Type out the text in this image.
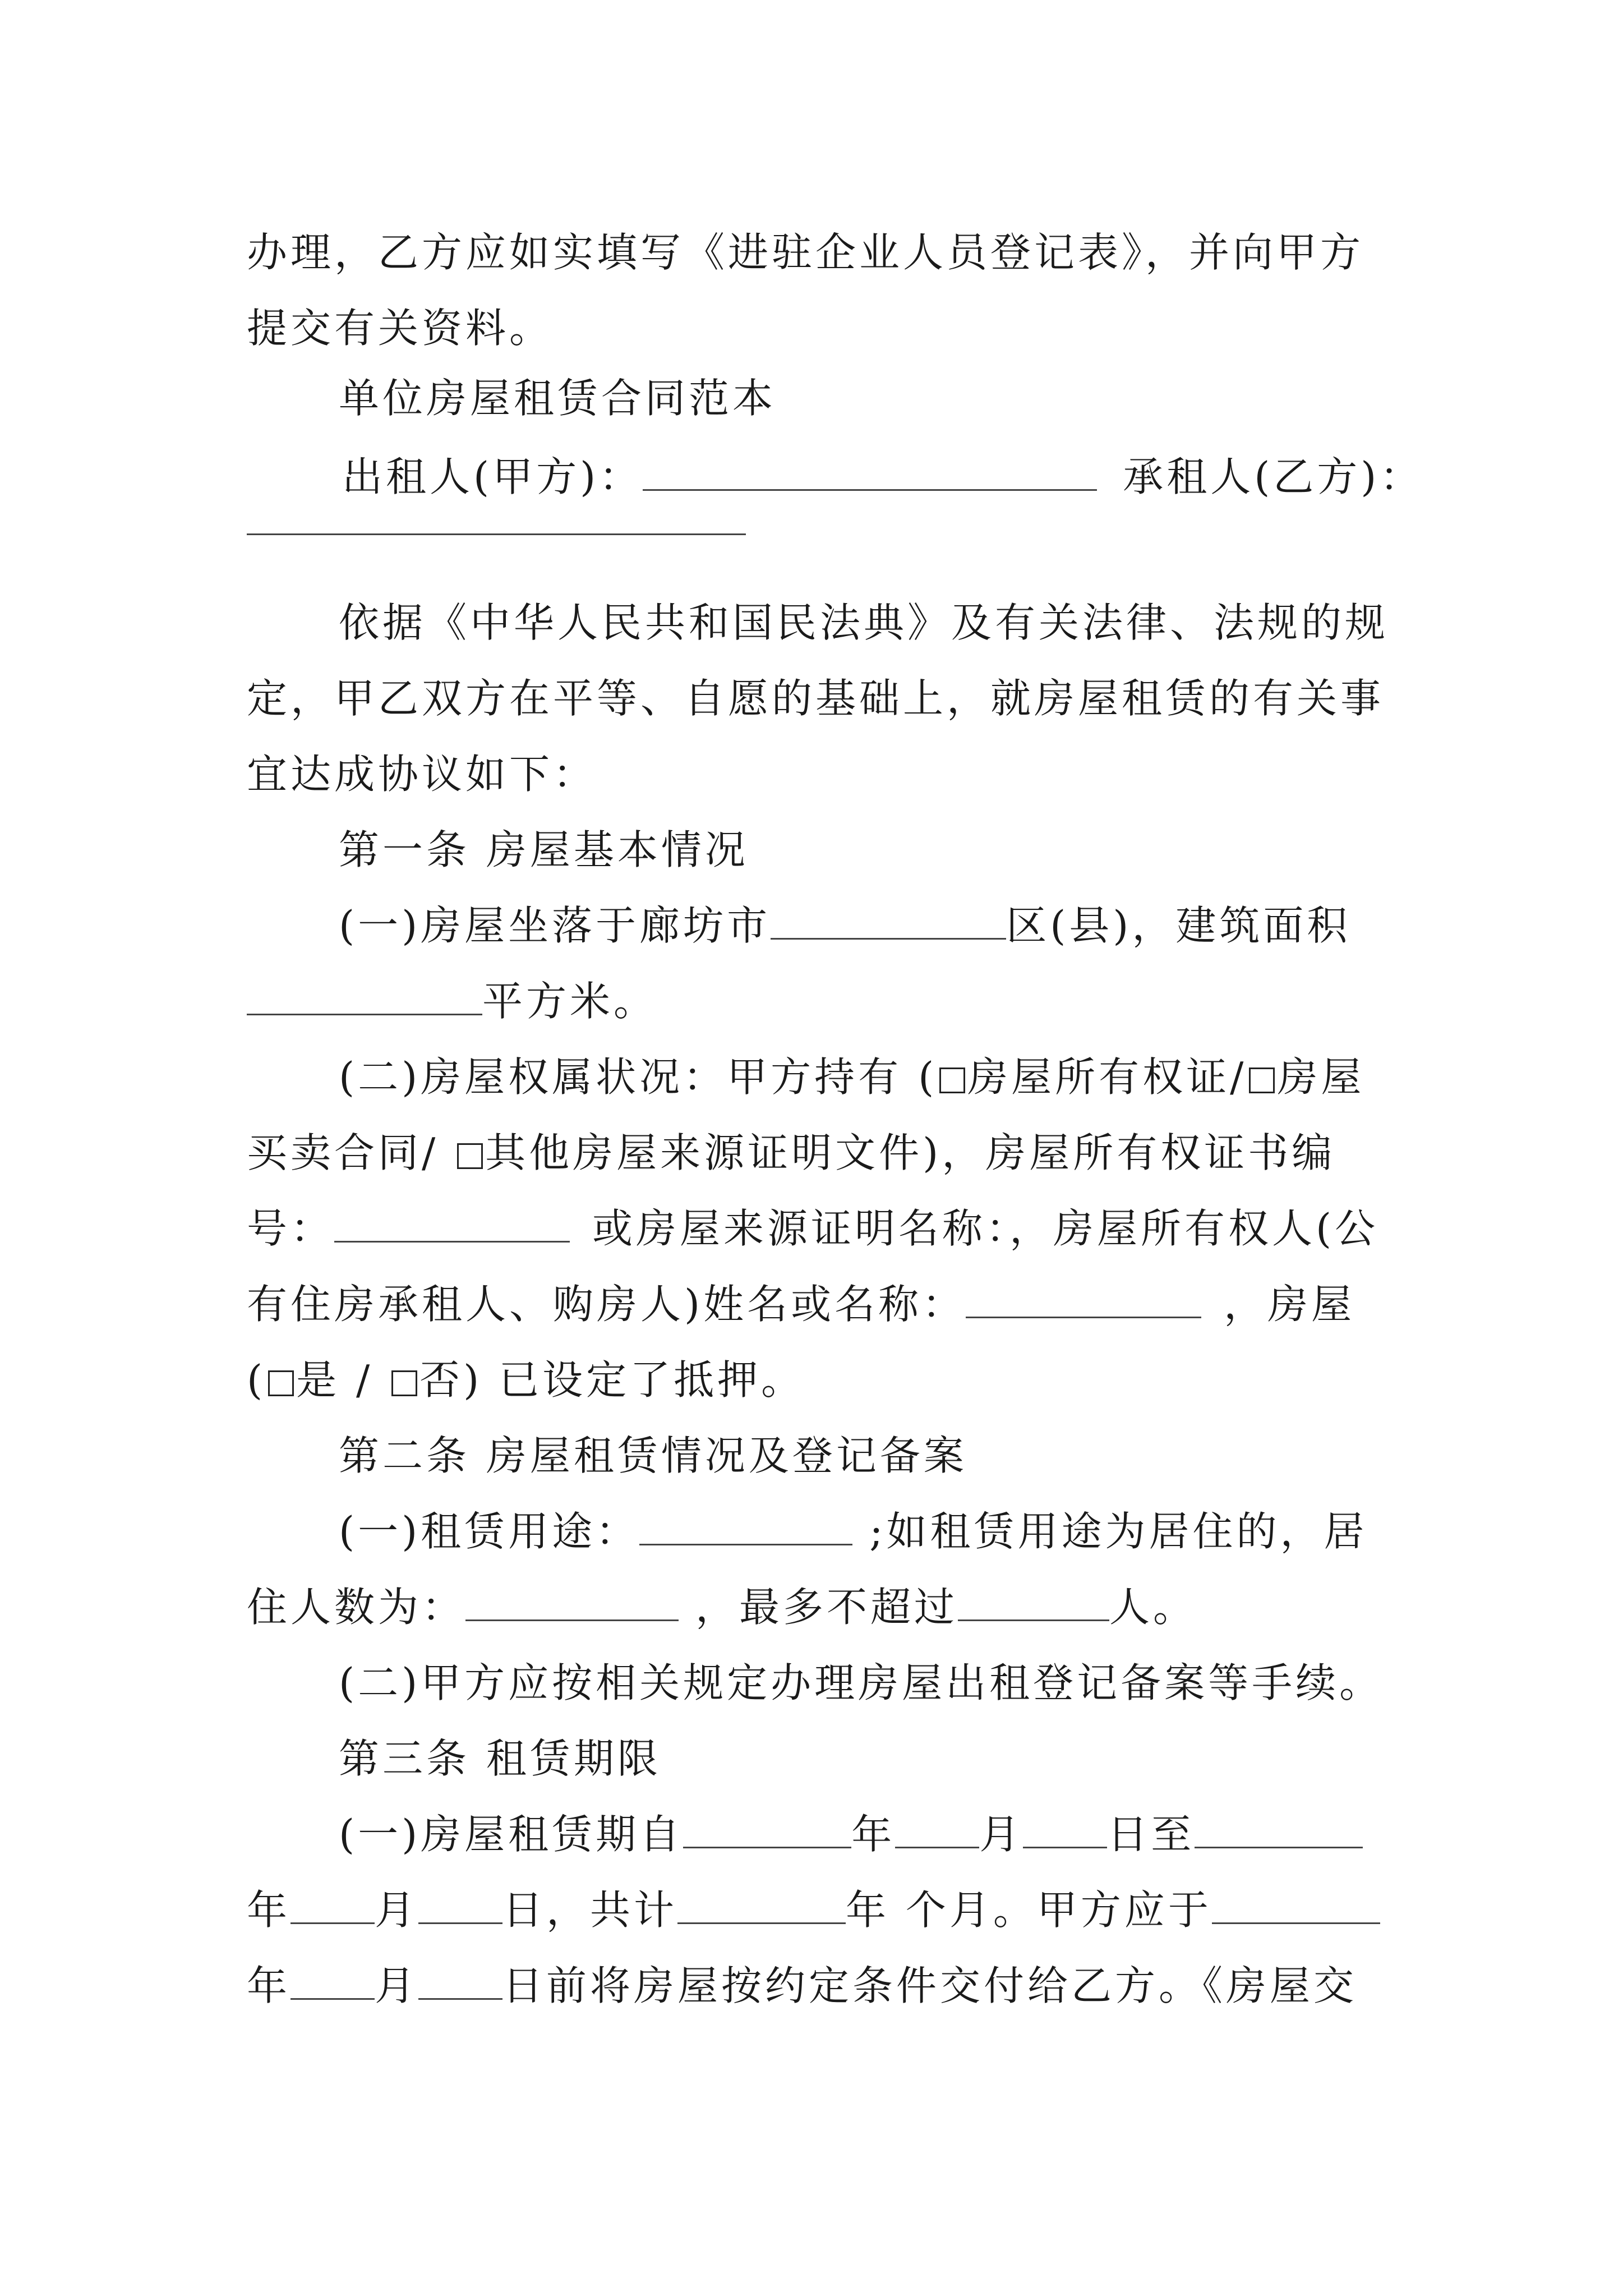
办理，乙方应如实填写《进驻企业人员登记表》，并向甲方
提交有关资料。
单位房屋租赁合同范本
出租人(甲方)：	承租人(乙方)：
依据《中华人民共和国民法典》及有关法律、法规的规
定，甲乙双方在平等、自愿的基础上，就房屋租赁的有关事
宜达成协议如下：
第一条 房屋基本情况
(一)房屋坐落于廊坊市	区(县)，建筑面积
平方米。
(二)房屋权属状况：甲方持有 ( 房屋所有权证/ 房屋
买卖合同/ 其他房屋来源证明文件)，房屋所有权证书编
号：	或房屋来源证明名称：，房屋所有权人(公
有住房承租人、购房人)姓名或名称：	，房屋
( 是 / 否) 已设定了抵押。
第二条 房屋租赁情况及登记备案
(一)租赁用途：	;如租赁用途为居住的，居
住人数为：	，最多不超过	人。
(二)甲方应按相关规定办理房屋出租登记备案等手续。
第三条 租赁期限
(一)房屋租赁期自	年 月 日至
年 月 日，共计	年 个月。甲方应于
年 月 日前将房屋按约定条件交付给乙方。《房屋交
